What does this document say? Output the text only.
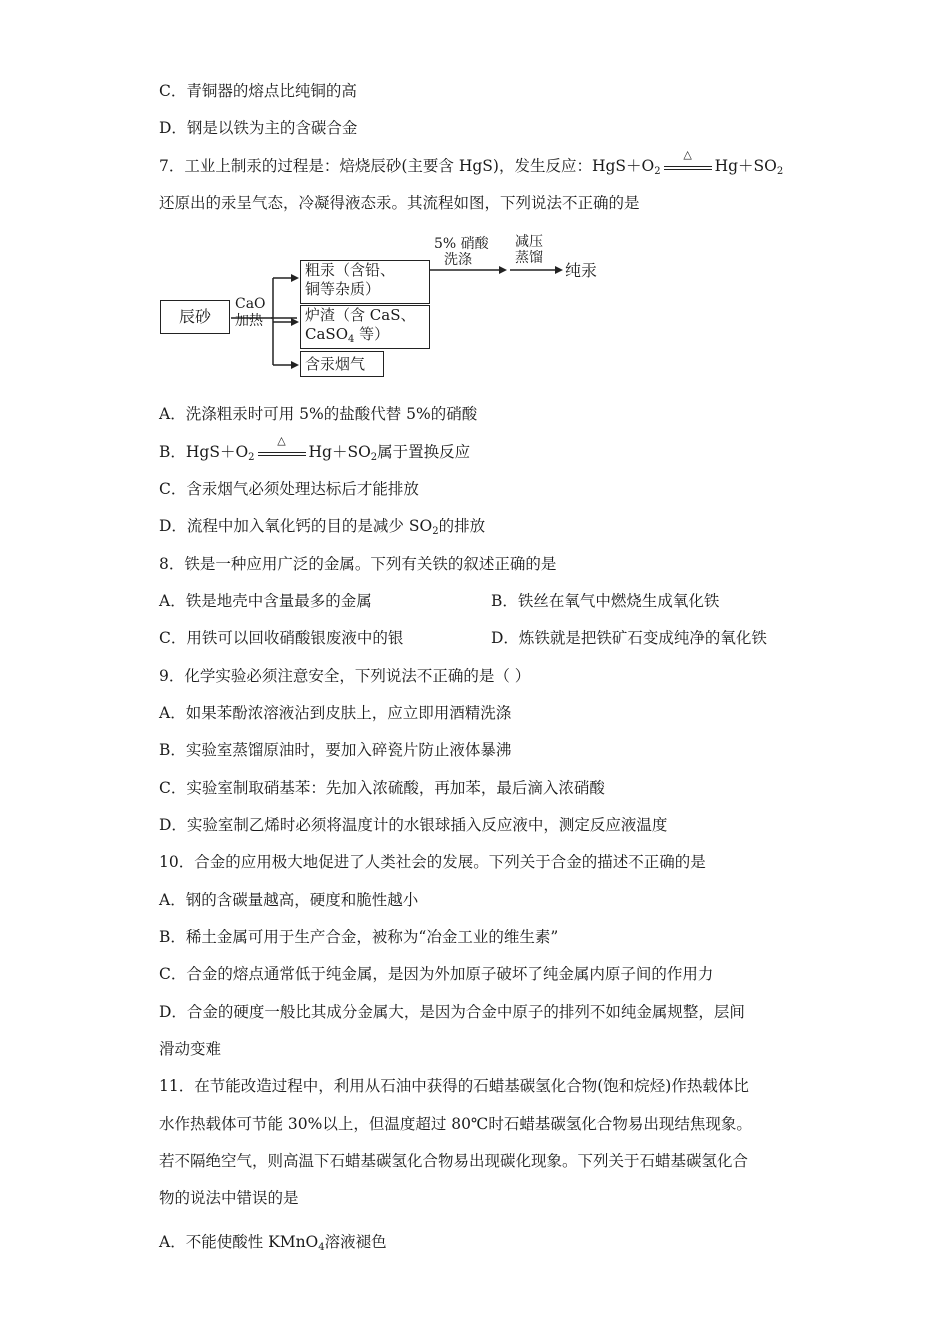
C．青铜器的熔点比纯铜的高
D．钢是以铁为主的含碳合金
7．工业上制汞的过程是：焙烧辰砂(主要含 HgS)，发生反应：$HgS+O_2$
△
$Hg+SO_2$
还原出的汞呈气态，冷凝得液态汞。其流程如图，下列说法不正确的是
辰砂
CaO
加热
粗汞（含铅、
铜等杂质）
炉渣（含 CaS、
CaSO$_4$ 等）
含汞烟气
5% 硝酸
洗涤
减压
蒸馏
纯汞
A．洗涤粗汞时可用 5%的盐酸代替 5%的硝酸
B．$HgS+O_2$
△
$Hg+SO_2$属于置换反应
C．含汞烟气必须处理达标后才能排放
D．流程中加入氧化钙的目的是减少 $SO_2$的排放
8．铁是一种应用广泛的金属。下列有关铁的叙述正确的是
A．铁是地壳中含量最多的金属	B．铁丝在氧气中燃烧生成氧化铁
C．用铁可以回收硝酸银废液中的银	D．炼铁就是把铁矿石变成纯净的氧化铁
9．化学实验必须注意安全，下列说法不正确的是（ ）
A．如果苯酚浓溶液沾到皮肤上，应立即用酒精洗涤
B．实验室蒸馏原油时，要加入碎瓷片防止液体暴沸
C．实验室制取硝基苯：先加入浓硫酸，再加苯，最后滴入浓硝酸
D．实验室制乙烯时必须将温度计的水银球插入反应液中，测定反应液温度
10．合金的应用极大地促进了人类社会的发展。下列关于合金的描述不正确的是
A．钢的含碳量越高，硬度和脆性越小
B．稀土金属可用于生产合金，被称为“冶金工业的维生素”
C．合金的熔点通常低于纯金属，是因为外加原子破坏了纯金属内原子间的作用力
D．合金的硬度一般比其成分金属大，是因为合金中原子的排列不如纯金属规整，层间
滑动变难
11．在节能改造过程中，利用从石油中获得的石蜡基碳氢化合物(饱和烷烃)作热载体比
水作热载体可节能 30%以上，但温度超过 80℃时石蜡基碳氢化合物易出现结焦现象。
若不隔绝空气，则高温下石蜡基碳氢化合物易出现碳化现象。下列关于石蜡基碳氢化合
物的说法中错误的是
A．不能使酸性 KMnO$_4$溶液褪色
